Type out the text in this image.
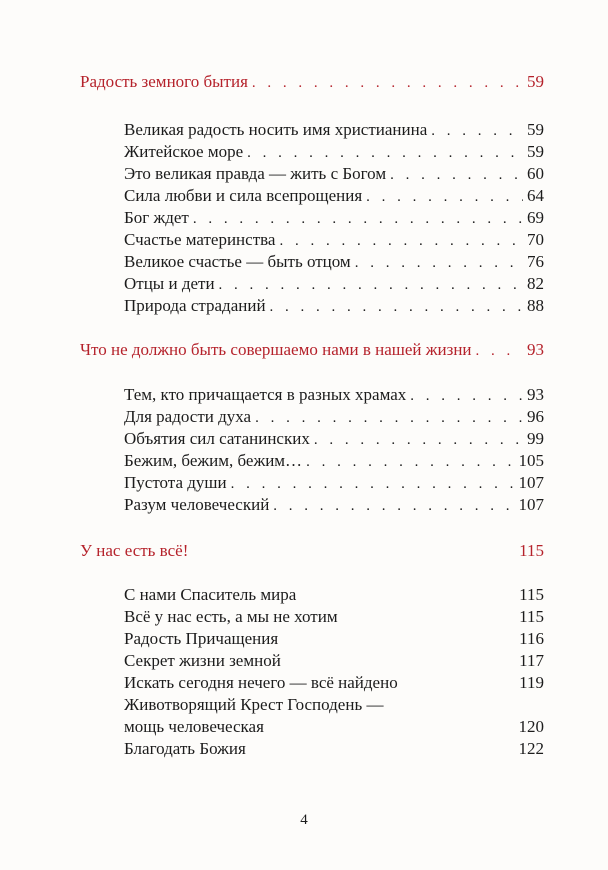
Радость земного бытия . . .	59
Великая радость носить имя христианина . . .	59
Житейское море . . .	59
Это великая правда — жить с Богом . . .	60
Сила любви и сила всепрощения . . .	64
Бог ждет . . .	69
Счастье материнства . . .	70
Великое счастье — быть отцом . . .	76
Отцы и дети . . .	82
Природа страданий . . .	88
Что не должно быть совершаемо нами в нашей жизни . . .	93
Тем, кто причащается в разных храмах . . .	93
Для радости духа . . .	96
Объятия сил сатанинских . . .	99
Бежим, бежим, бежим… . . .	105
Пустота души . . .	107
Разум человеческий . . .	107
У нас есть всё!	115
С нами Спаситель мира	115
Всё у нас есть, а мы не хотим	115
Радость Причащения	116
Секрет жизни земной	117
Искать сегодня нечего — всё найдено	119
Животворящий Крест Господень —
мощь человеческая	120
Благодать Божия	122
4
